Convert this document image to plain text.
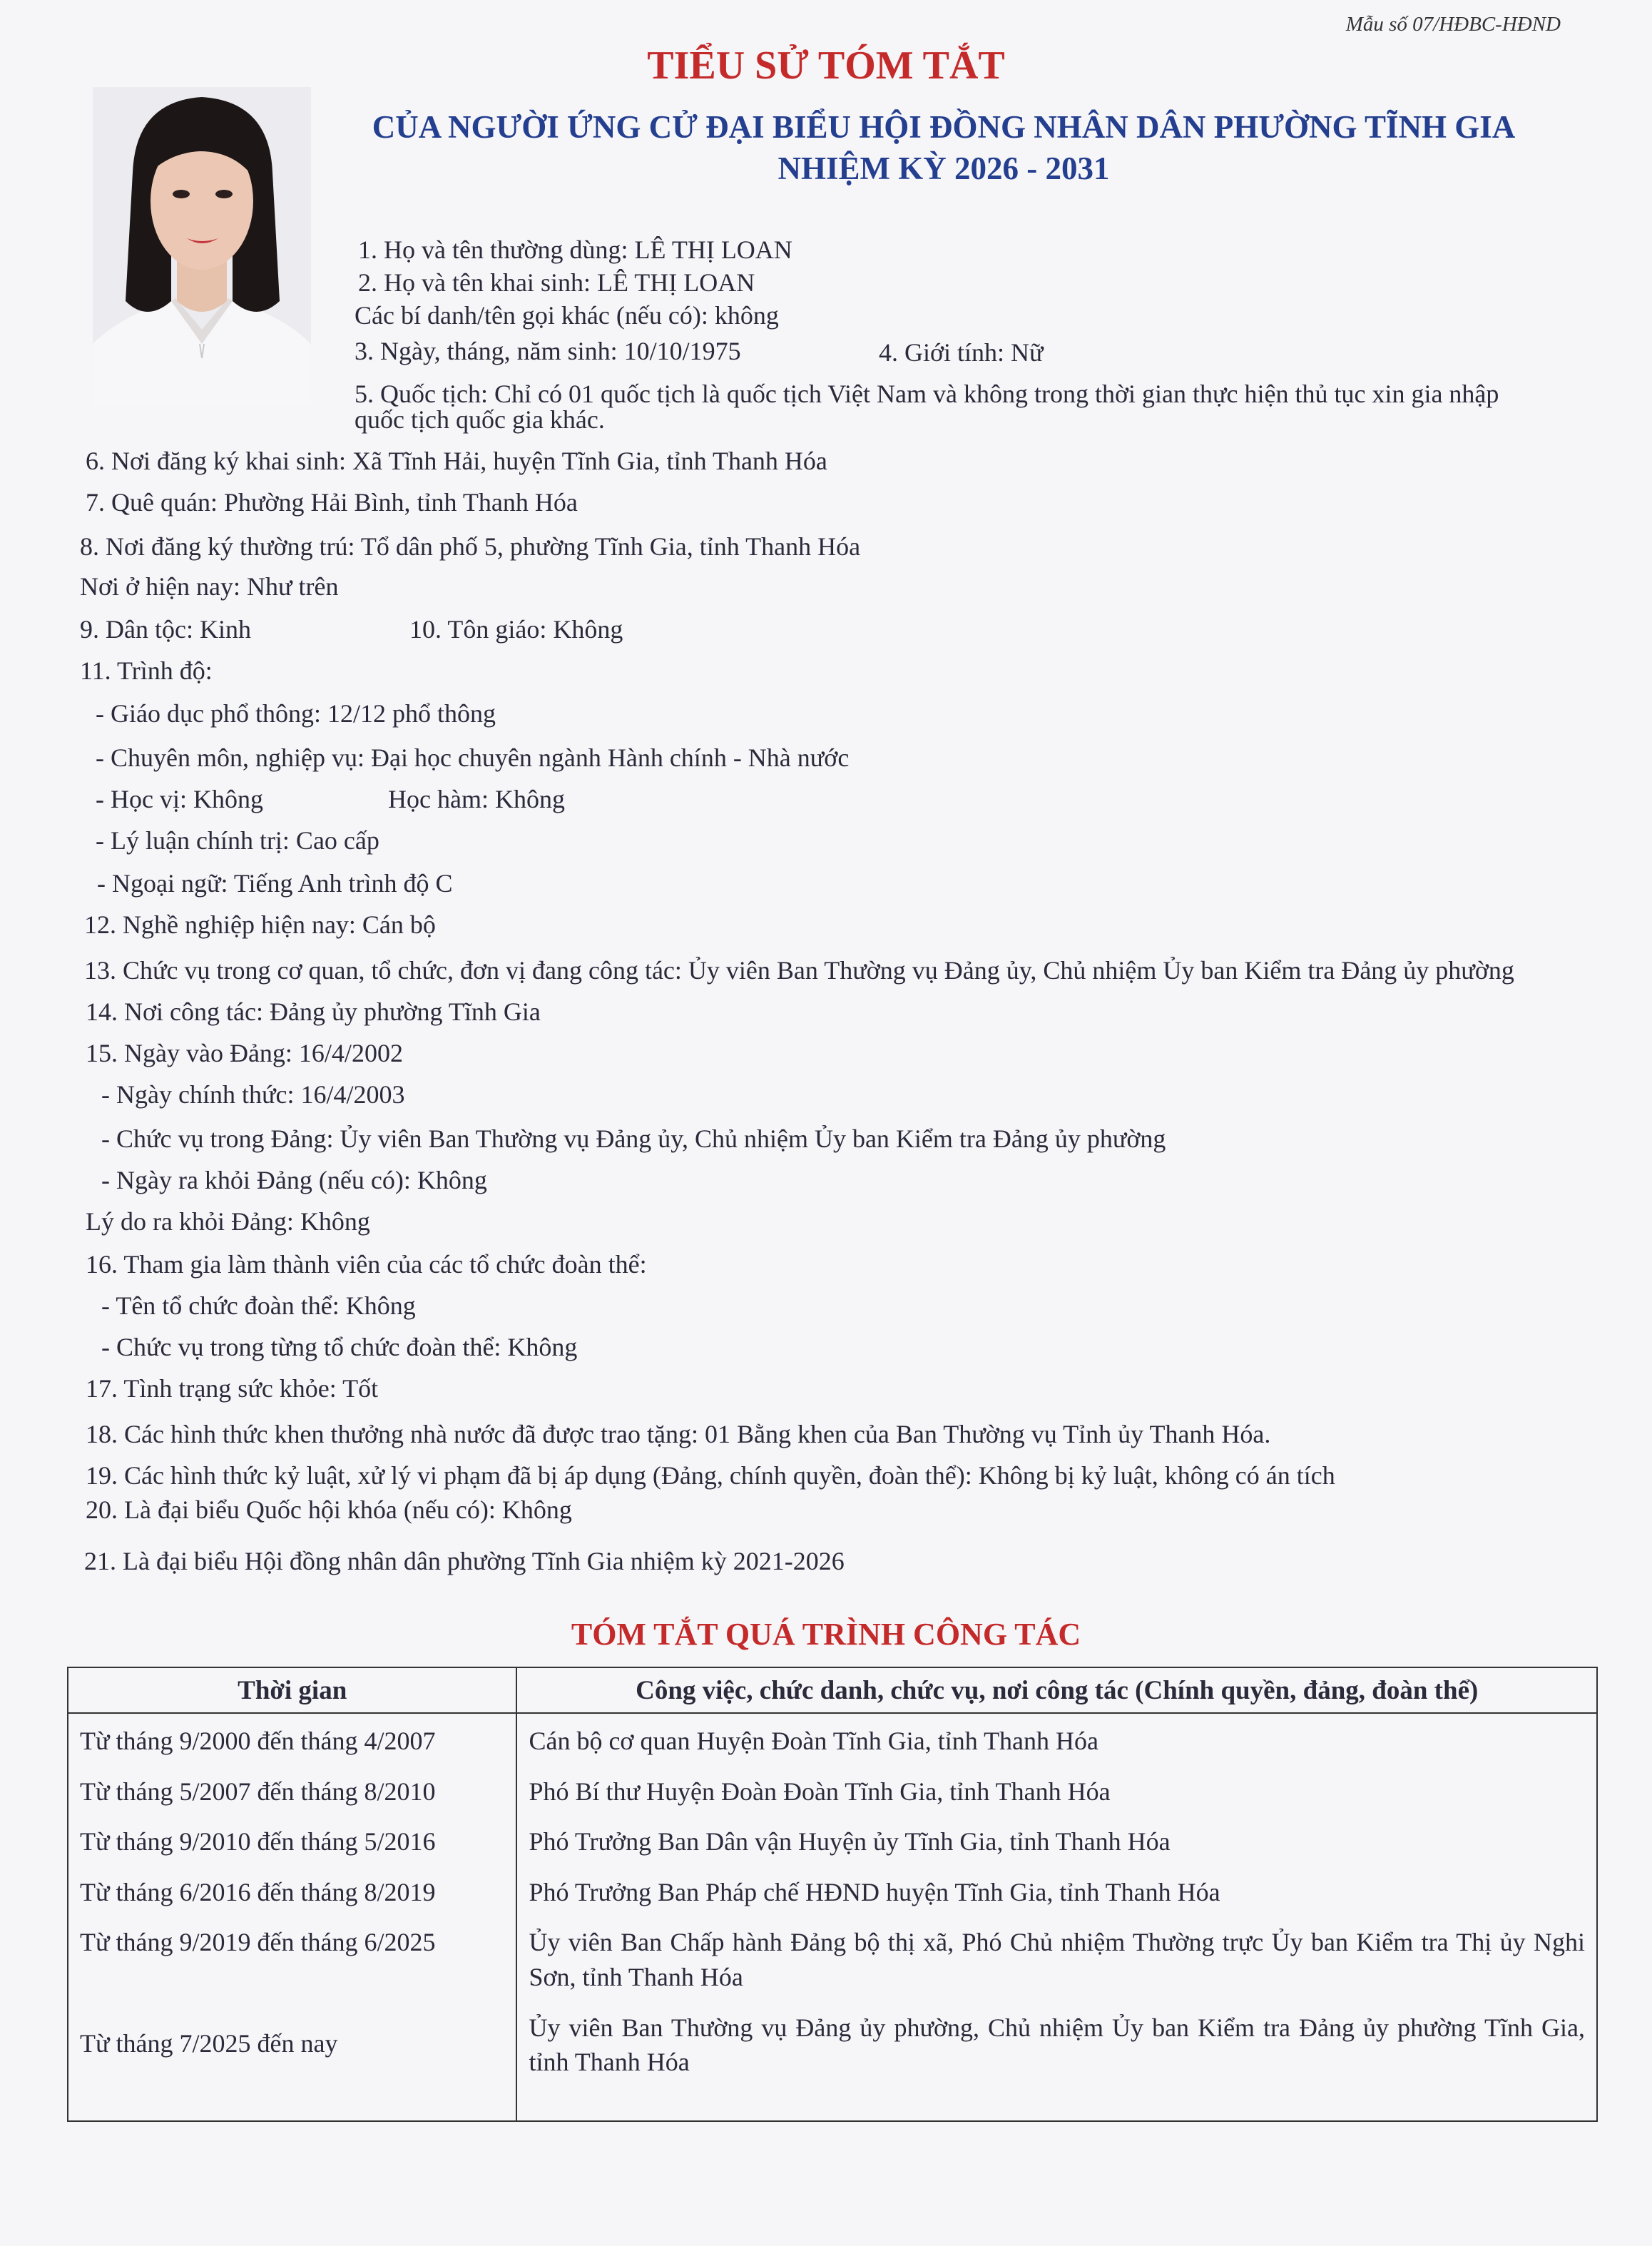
Mẫu số 07/HĐBC-HĐND
TIỂU SỬ TÓM TẮT
CỦA NGƯỜI ỨNG CỬ ĐẠI BIỂU HỘI ĐỒNG NHÂN DÂN PHƯỜNG TĨNH GIA
NHIỆM KỲ 2026 - 2031
1. Họ và tên thường dùng: LÊ THỊ LOAN
2. Họ và tên khai sinh: LÊ THỊ LOAN
Các bí danh/tên gọi khác (nếu có): không
3. Ngày, tháng, năm sinh: 10/10/1975	4. Giới tính: Nữ
5. Quốc tịch: Chỉ có 01 quốc tịch là quốc tịch Việt Nam và không trong thời gian thực hiện thủ tục xin gia nhập
quốc tịch quốc gia khác.
6. Nơi đăng ký khai sinh: Xã Tĩnh Hải, huyện Tĩnh Gia, tỉnh Thanh Hóa
7. Quê quán: Phường Hải Bình, tỉnh Thanh Hóa
8. Nơi đăng ký thường trú: Tổ dân phố 5, phường Tĩnh Gia, tỉnh Thanh Hóa
Nơi ở hiện nay: Như trên
9. Dân tộc: Kinh	10. Tôn giáo: Không
11. Trình độ:
- Giáo dục phổ thông: 12/12 phổ thông
- Chuyên môn, nghiệp vụ: Đại học chuyên ngành Hành chính - Nhà nước
- Học vị: Không	Học hàm: Không
- Lý luận chính trị: Cao cấp
- Ngoại ngữ: Tiếng Anh trình độ C
12. Nghề nghiệp hiện nay: Cán bộ
13. Chức vụ trong cơ quan, tổ chức, đơn vị đang công tác: Ủy viên Ban Thường vụ Đảng ủy, Chủ nhiệm Ủy ban Kiểm tra Đảng ủy phường
14. Nơi công tác: Đảng ủy phường Tĩnh Gia
15. Ngày vào Đảng: 16/4/2002
- Ngày chính thức: 16/4/2003
- Chức vụ trong Đảng: Ủy viên Ban Thường vụ Đảng ủy, Chủ nhiệm Ủy ban Kiểm tra Đảng ủy phường
- Ngày ra khỏi Đảng (nếu có): Không
Lý do ra khỏi Đảng: Không
16. Tham gia làm thành viên của các tổ chức đoàn thể:
- Tên tổ chức đoàn thể: Không
- Chức vụ trong từng tổ chức đoàn thể: Không
17. Tình trạng sức khỏe: Tốt
18. Các hình thức khen thưởng nhà nước đã được trao tặng: 01 Bằng khen của Ban Thường vụ Tỉnh ủy Thanh Hóa.
19. Các hình thức kỷ luật, xử lý vi phạm đã bị áp dụng (Đảng, chính quyền, đoàn thể): Không bị kỷ luật, không có án tích
20. Là đại biểu Quốc hội khóa (nếu có): Không
21. Là đại biểu Hội đồng nhân dân phường Tĩnh Gia nhiệm kỳ 2021-2026
TÓM TẮT QUÁ TRÌNH CÔNG TÁC
Thời gian	Công việc, chức danh, chức vụ, nơi công tác (Chính quyền, đảng, đoàn thể)
Từ tháng 9/2000 đến tháng 4/2007	Cán bộ cơ quan Huyện Đoàn Tĩnh Gia, tỉnh Thanh Hóa
Từ tháng 5/2007 đến tháng 8/2010	Phó Bí thư Huyện Đoàn Đoàn Tĩnh Gia, tỉnh Thanh Hóa
Từ tháng 9/2010 đến tháng 5/2016	Phó Trưởng Ban Dân vận Huyện ủy Tĩnh Gia, tỉnh Thanh Hóa
Từ tháng 6/2016 đến tháng 8/2019	Phó Trưởng Ban Pháp chế HĐND huyện Tĩnh Gia, tỉnh Thanh Hóa
Từ tháng 9/2019 đến tháng 6/2025	Ủy viên Ban Chấp hành Đảng bộ thị xã, Phó Chủ nhiệm Thường trực Ủy ban Kiểm tra Thị ủy Nghi Sơn, tỉnh Thanh Hóa
Từ tháng 7/2025 đến nay	Ủy viên Ban Thường vụ Đảng ủy phường, Chủ nhiệm Ủy ban Kiểm tra Đảng ủy phường Tĩnh Gia, tỉnh Thanh Hóa
